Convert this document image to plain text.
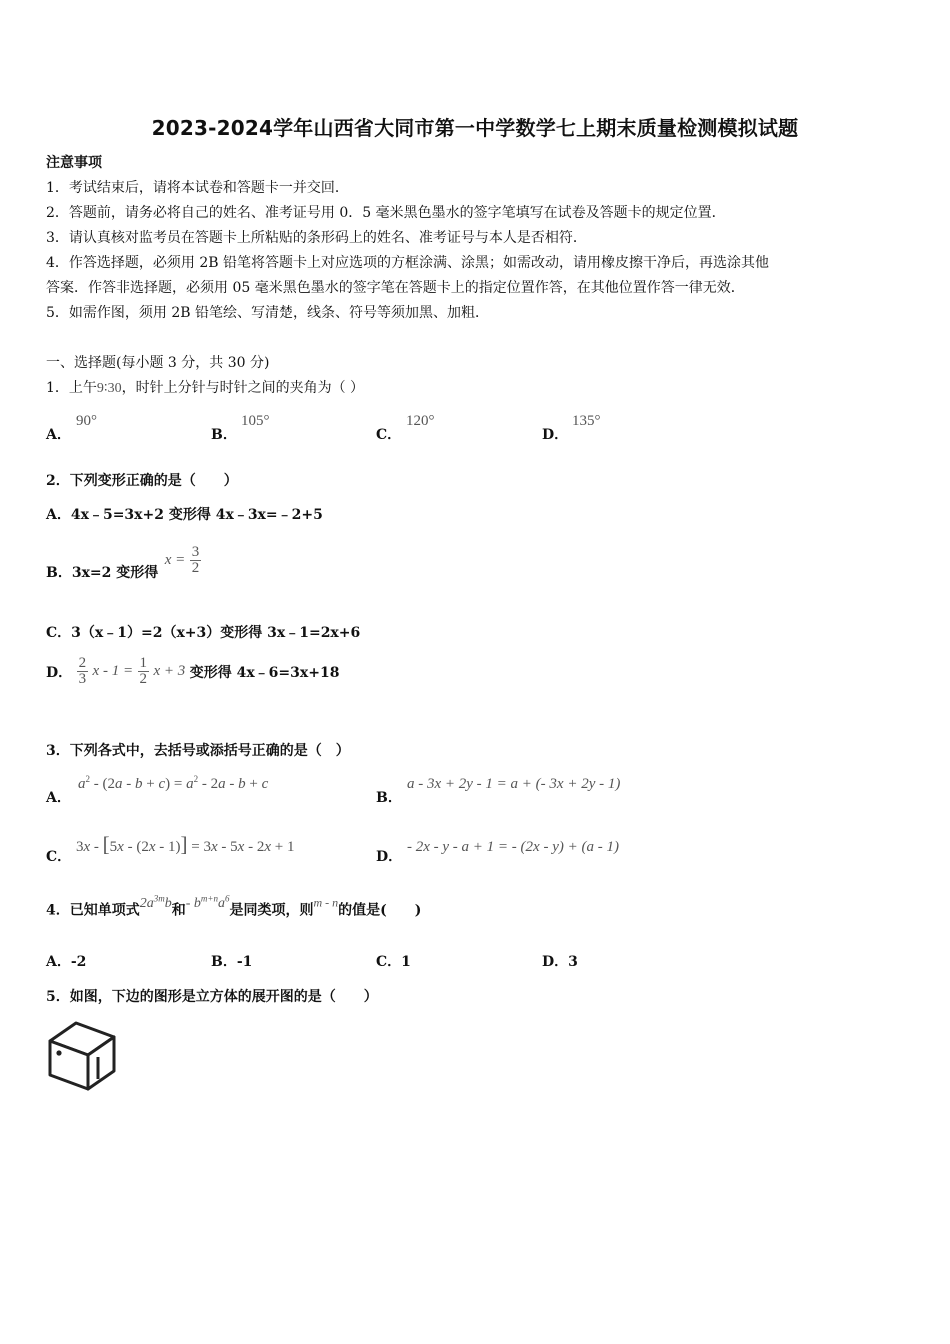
2023-2024学年山西省大同市第一中学数学七上期末质量检测模拟试题
注意事项
1．考试结束后，请将本试卷和答题卡一并交回．
2．答题前，请务必将自己的姓名、准考证号用 0．5 毫米黑色墨水的签字笔填写在试卷及答题卡的规定位置．
3．请认真核对监考员在答题卡上所粘贴的条形码上的姓名、准考证号与本人是否相符．
4．作答选择题，必须用 2B 铅笔将答题卡上对应选项的方框涂满、涂黑；如需改动，请用橡皮擦干净后，再选涂其他
答案．作答非选择题，必须用 05 毫米黑色墨水的签字笔在答题卡上的指定位置作答，在其他位置作答一律无效．
5．如需作图，须用 2B 铅笔绘、写清楚，线条、符号等须加黑、加粗．
一、选择题(每小题 3 分，共 30 分)
1．上午9∶30，时针上分针与时针之间的夹角为（ ）
A．
90°
B．
105°
C．
120°
D．
135°
2．下列变形正确的是（　　）
A．4x﹣5=3x+2 变形得 4x﹣3x=﹣2+5
B．3x=2 变形得 $x = \frac{3}{2}$
C．3（x﹣1）=2（x+3）变形得 3x﹣1=2x+6
D． $\frac{2}{3}$ $x - 1 = \frac{1}{2}$ x + 3 变形得 4x﹣6=3x+18
3．下列各式中，去括号或添括号正确的是（　）
A．
$a^2 - (2a - b + c) = a^2 - 2a - b + c$
B．
a - 3x + 2y - 1 = a + (- 3x + 2y - 1)
C．
3x - [5x - (2x - 1)] = 3x - 5x - 2x + 1
D．
- 2x - y - a + 1 = - (2x - y) + (a - 1)
4．已知单项式$2a^{3m}b$和- $b^{m+n}a^6$是同类项，则m - n的值是(　　)
A．-2	B．-1	C．1	D．3
5．如图，下边的图形是立方体的展开图的是（　　）
